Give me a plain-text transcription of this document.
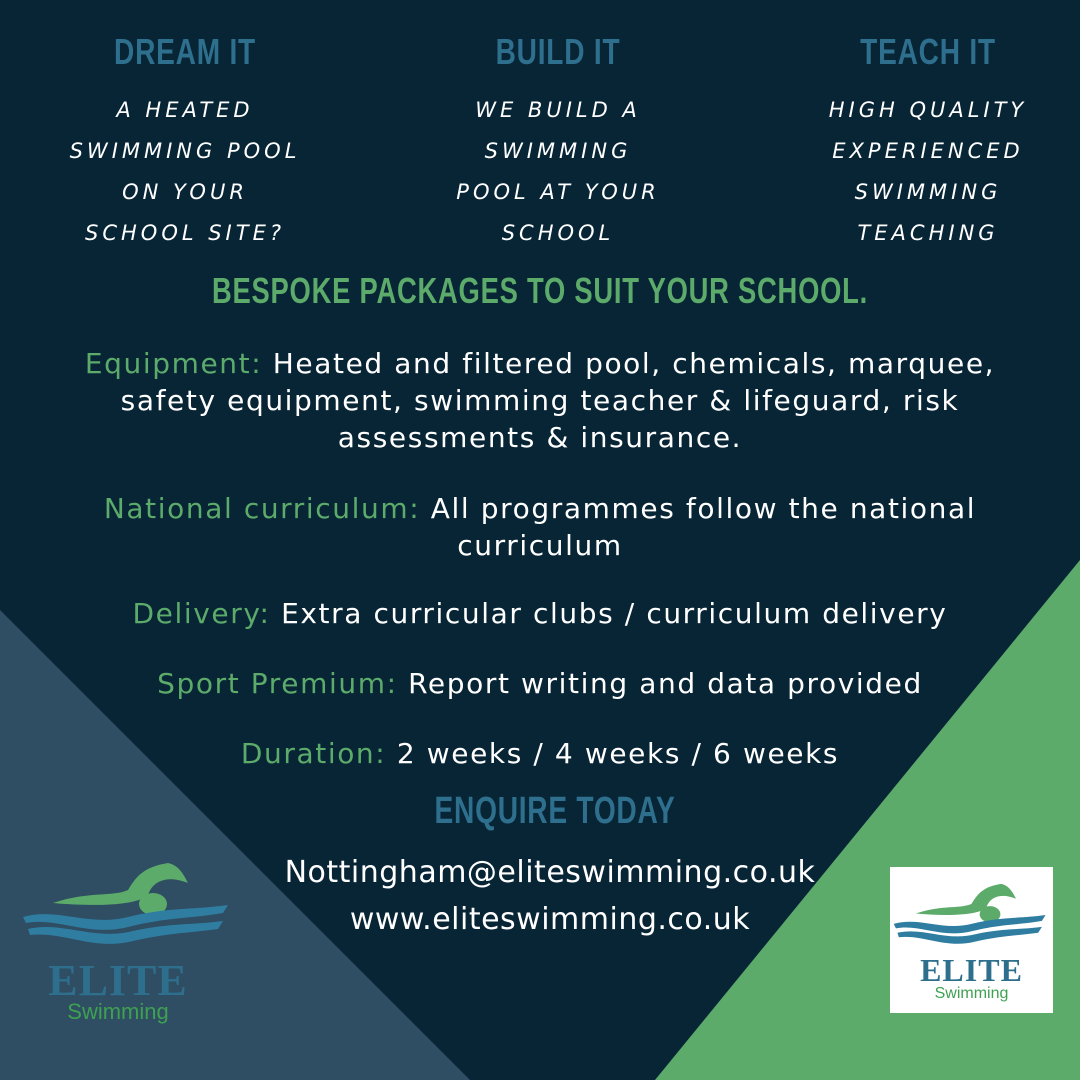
DREAM IT
A HEATED
SWIMMING POOL
ON YOUR
SCHOOL SITE?
BUILD IT
WE BUILD A
SWIMMING
POOL AT YOUR
SCHOOL
TEACH IT
HIGH QUALITY
EXPERIENCED
SWIMMING
TEACHING
BESPOKE PACKAGES TO SUIT YOUR SCHOOL.
Equipment: Heated and filtered pool, chemicals, marquee,
safety equipment, swimming teacher & lifeguard, risk
assessments & insurance.
National curriculum: All programmes follow the national
curriculum
Delivery: Extra curricular clubs / curriculum delivery
Sport Premium: Report writing and data provided
Duration: 2 weeks / 4 weeks / 6 weeks
ENQUIRE TODAY
Nottingham@eliteswimming.co.uk
www.eliteswimming.co.uk
ELITE
Swimming
ELITE
Swimming
